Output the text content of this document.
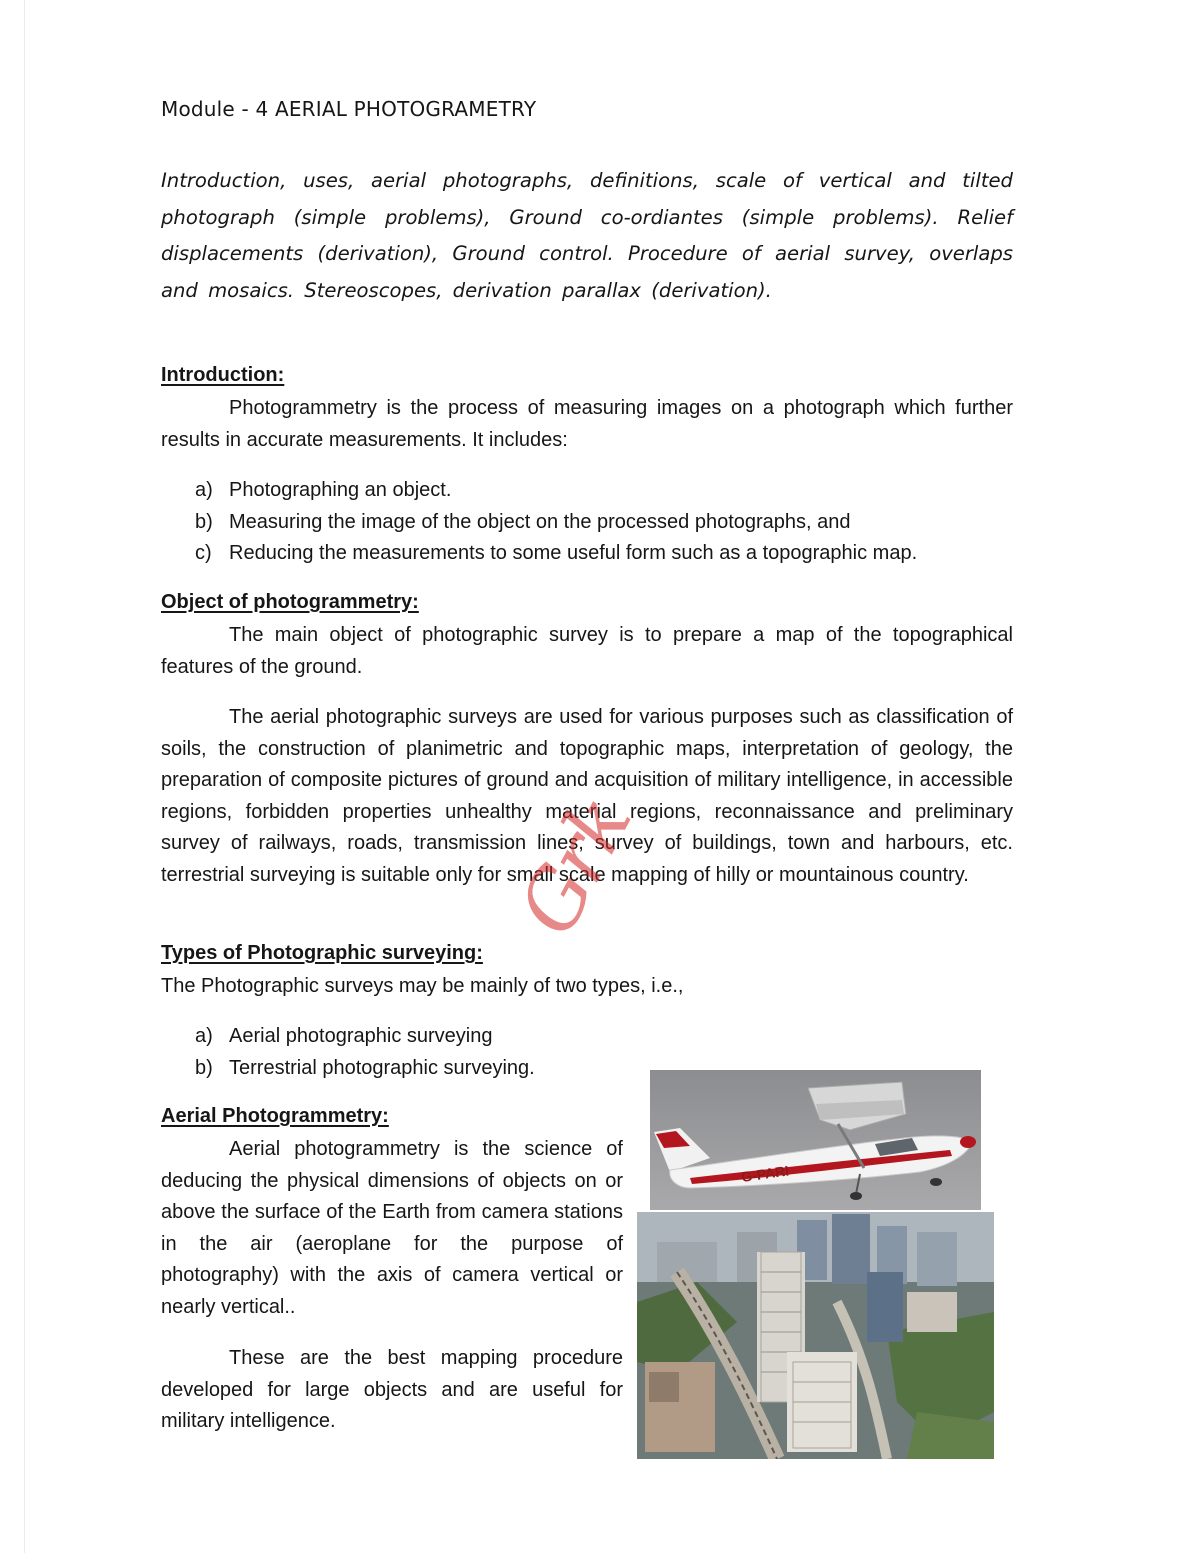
Module - 4 AERIAL PHOTOGRAMETRY

Introduction, uses, aerial photographs, definitions, scale of vertical and tilted photograph (simple problems), Ground co-ordiantes (simple problems). Relief displacements (derivation), Ground control. Procedure of aerial survey, overlaps and mosaics. Stereoscopes, derivation parallax (derivation).

Introduction:

Photogrammetry is the process of measuring images on a photograph which further results in accurate measurements. It includes:

a) Photographing an object.
b) Measuring the image of the object on the processed photographs, and
c) Reducing the measurements to some useful form such as a topographic map.
Object of photogrammetry:

The main object of photographic survey is to prepare a map of the topographical features of the ground.

The aerial photographic surveys are used for various purposes such as classification of soils, the construction of planimetric and topographic maps, interpretation of geology, the preparation of composite pictures of ground and acquisition of military intelligence, in accessible regions, forbidden properties unhealthy material regions, reconnaissance and preliminary survey of railways, roads, transmission lines, survey of buildings, town and harbours, etc. terrestrial surveying is suitable only for small scale mapping of hilly or mountainous country.

Types of Photographic surveying:

The Photographic surveys may be mainly of two types, i.e.,

a) Aerial photographic surveying
b) Terrestrial photographic surveying.
Aerial Photogrammetry:

Aerial photogrammetry is the science of deducing the physical dimensions of objects on or above the surface of the Earth from camera stations in the air (aeroplane for the purpose of photography) with the axis of camera vertical or nearly vertical..

These are the best mapping procedure developed for large objects and are useful for military intelligence.

G-PARI
Grk
